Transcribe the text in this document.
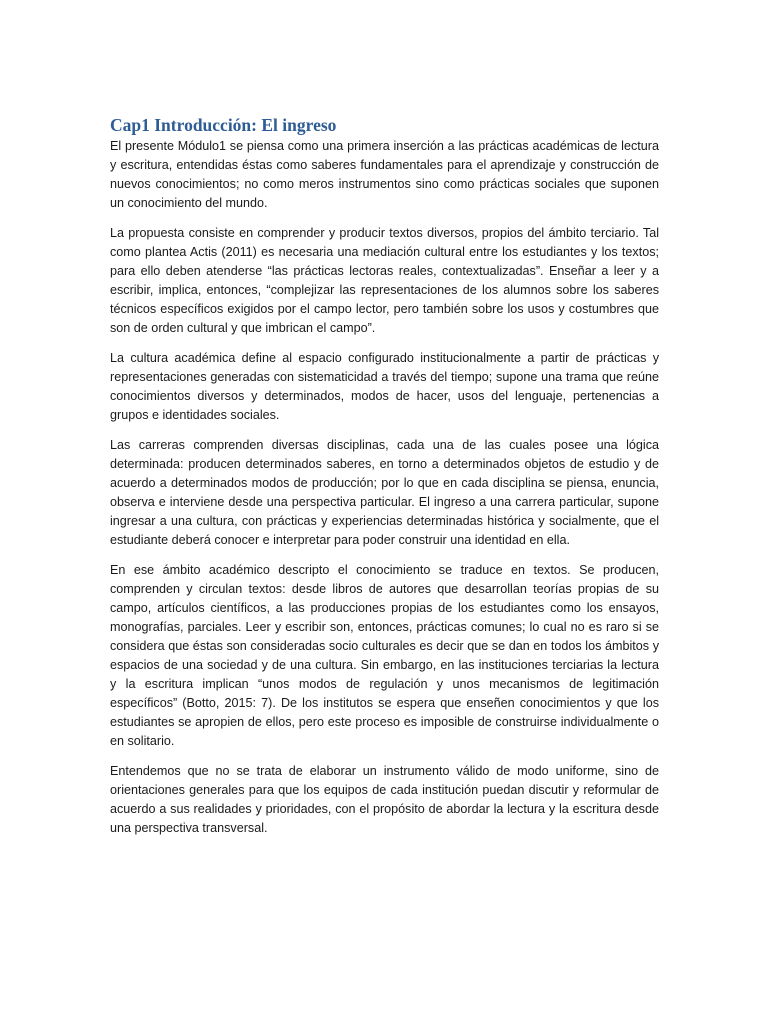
Cap1 Introducción: El ingreso

El presente Módulo1 se piensa como una primera inserción a las prácticas académicas de lectura y escritura, entendidas éstas como saberes fundamentales para el aprendizaje y construcción de nuevos conocimientos; no como meros instrumentos sino como prácticas sociales que suponen un conocimiento del mundo.

La propuesta consiste en comprender y producir textos diversos, propios del ámbito terciario. Tal como plantea Actis (2011) es necesaria una mediación cultural entre los estudiantes y los textos; para ello deben atenderse “las prácticas lectoras reales, contextualizadas”. Enseñar a leer y a escribir, implica, entonces, “complejizar las representaciones de los alumnos sobre los saberes técnicos específicos exigidos por el campo lector, pero también sobre los usos y costumbres que son de orden cultural y que imbrican el campo”.

La cultura académica define al espacio configurado institucionalmente a partir de prácticas y representaciones generadas con sistematicidad a través del tiempo; supone una trama que reúne conocimientos diversos y determinados, modos de hacer, usos del lenguaje, pertenencias a grupos e identidades sociales.

Las carreras comprenden diversas disciplinas, cada una de las cuales posee una lógica determinada: producen determinados saberes, en torno a determinados objetos de estudio y de acuerdo a determinados modos de producción; por lo que en cada disciplina se piensa, enuncia, observa e interviene desde una perspectiva particular. El ingreso a una carrera particular, supone ingresar a una cultura, con prácticas y experiencias determinadas histórica y socialmente, que el estudiante deberá conocer e interpretar para poder construir una identidad en ella.

En ese ámbito académico descripto el conocimiento se traduce en textos. Se producen, comprenden y circulan textos: desde libros de autores que desarrollan teorías propias de su campo, artículos científicos, a las producciones propias de los estudiantes como los ensayos, monografías, parciales. Leer y escribir son, entonces, prácticas comunes; lo cual no es raro si se considera que éstas son consideradas socio culturales es decir que se dan en todos los ámbitos y espacios de una sociedad y de una cultura. Sin embargo, en las instituciones terciarias la lectura y la escritura implican “unos modos de regulación y unos mecanismos de legitimación específicos” (Botto, 2015: 7). De los institutos se espera que enseñen conocimientos y que los estudiantes se apropien de ellos, pero este proceso es imposible de construirse individualmente o en solitario.

Entendemos que no se trata de elaborar un instrumento válido de modo uniforme, sino de orientaciones generales para que los equipos de cada institución puedan discutir y reformular de acuerdo a sus realidades y prioridades, con el propósito de abordar la lectura y la escritura desde una perspectiva transversal.
